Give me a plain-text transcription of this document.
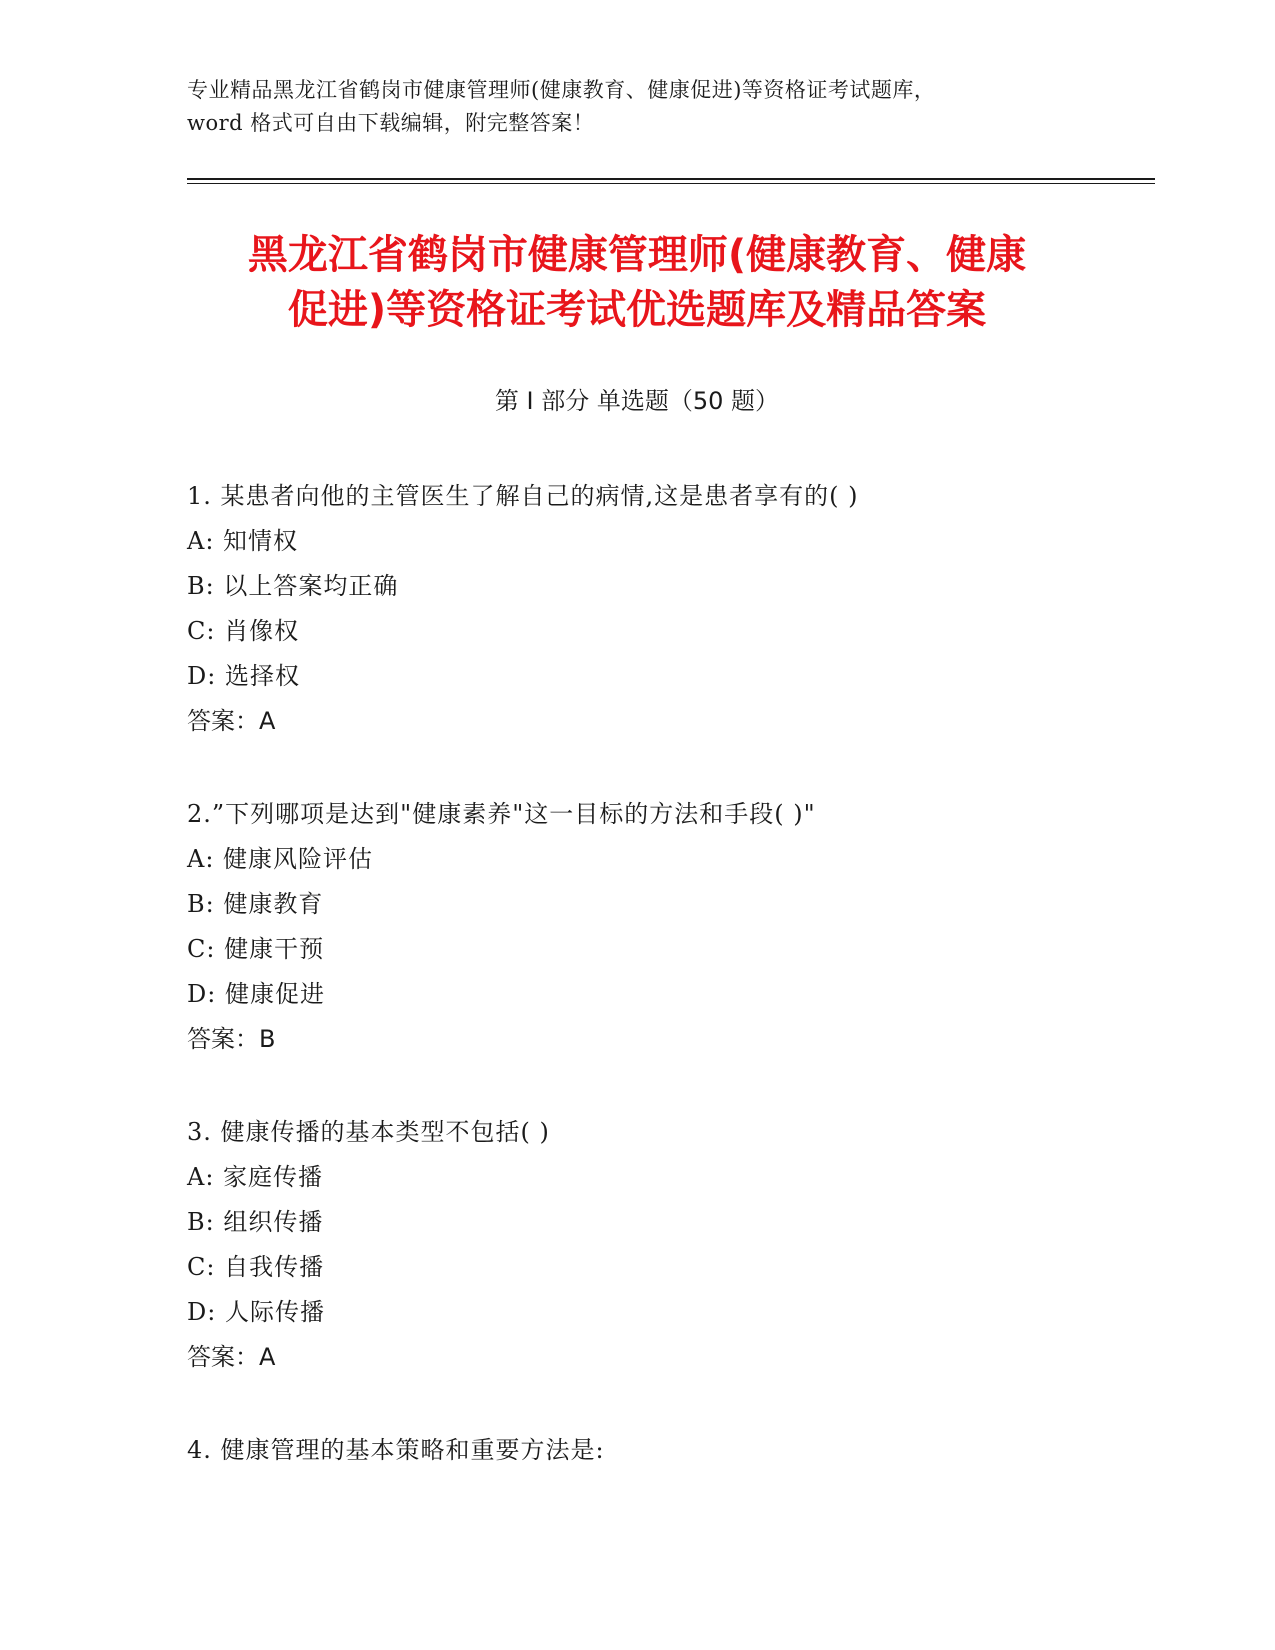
专业精品黑龙江省鹤岗市健康管理师(健康教育、健康促进)等资格证考试题库，
word 格式可自由下载编辑，附完整答案！
黑龙江省鹤岗市健康管理师(健康教育、健康
促进)等资格证考试优选题库及精品答案
第 I 部分 单选题（50 题）
1. 某患者向他的主管医生了解自己的病情,这是患者享有的( )
A: 知情权
B: 以上答案均正确
C: 肖像权
D: 选择权
答案：A
2.”下列哪项是达到"健康素养"这一目标的方法和手段( )"
A: 健康风险评估
B: 健康教育
C: 健康干预
D: 健康促进
答案：B
3. 健康传播的基本类型不包括( )
A: 家庭传播
B: 组织传播
C: 自我传播
D: 人际传播
答案：A
4. 健康管理的基本策略和重要方法是:
